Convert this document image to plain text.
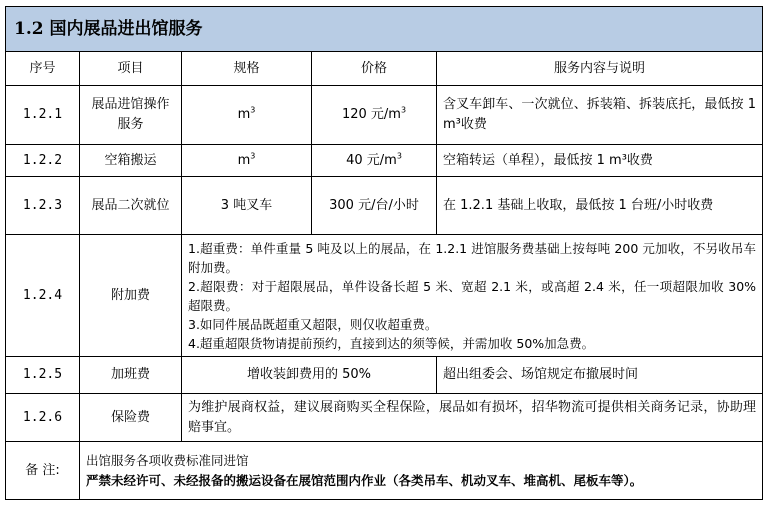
1.2 国内展品进出馆服务				
序号	项目	规格	价格	服务内容与说明
1.2.1	展品进馆操作服务	$m^3$	120 元$/m^3$	含叉车卸车、一次就位、拆装箱、拆装底托，最低按 1 m³收费
1.2.2	空箱搬运	$m^3$	40 元$/m^3$	空箱转运（单程），最低按 1 m³收费
1.2.3	展品二次就位	3 吨叉车	300 元/台/小时	在 1.2.1 基础上收取，最低按 1 台班/小时收费
1.2.4	附加费	1.超重费：单件重量 5 吨及以上的展品，在 1.2.1 进馆服务费基础上按每吨 200 元加收，不另收吊车附加费。
2.超限费：对于超限展品，单件设备长超 5 米、宽超 2.1 米，或高超 2.4 米，任一项超限加收 30% 超限费。
3.如同件展品既超重又超限，则仅收超重费。
4.超重超限货物请提前预约，直接到达的须等候，并需加收 50%加急费。		

1.2.5	加班费	增收装卸费用的 50%		超出组委会、场馆规定布撤展时间
1.2.6	保险费	为维护展商权益，建议展商购买全程保险，展品如有损坏，招华物流可提供相关商务记录，协助理赔事宜。		
备 注:	出馆服务各项收费标准同进馆
严禁未经许可、未经报备的搬运设备在展馆范围内作业（各类吊车、机动叉车、堆高机、尾板车等）。			
